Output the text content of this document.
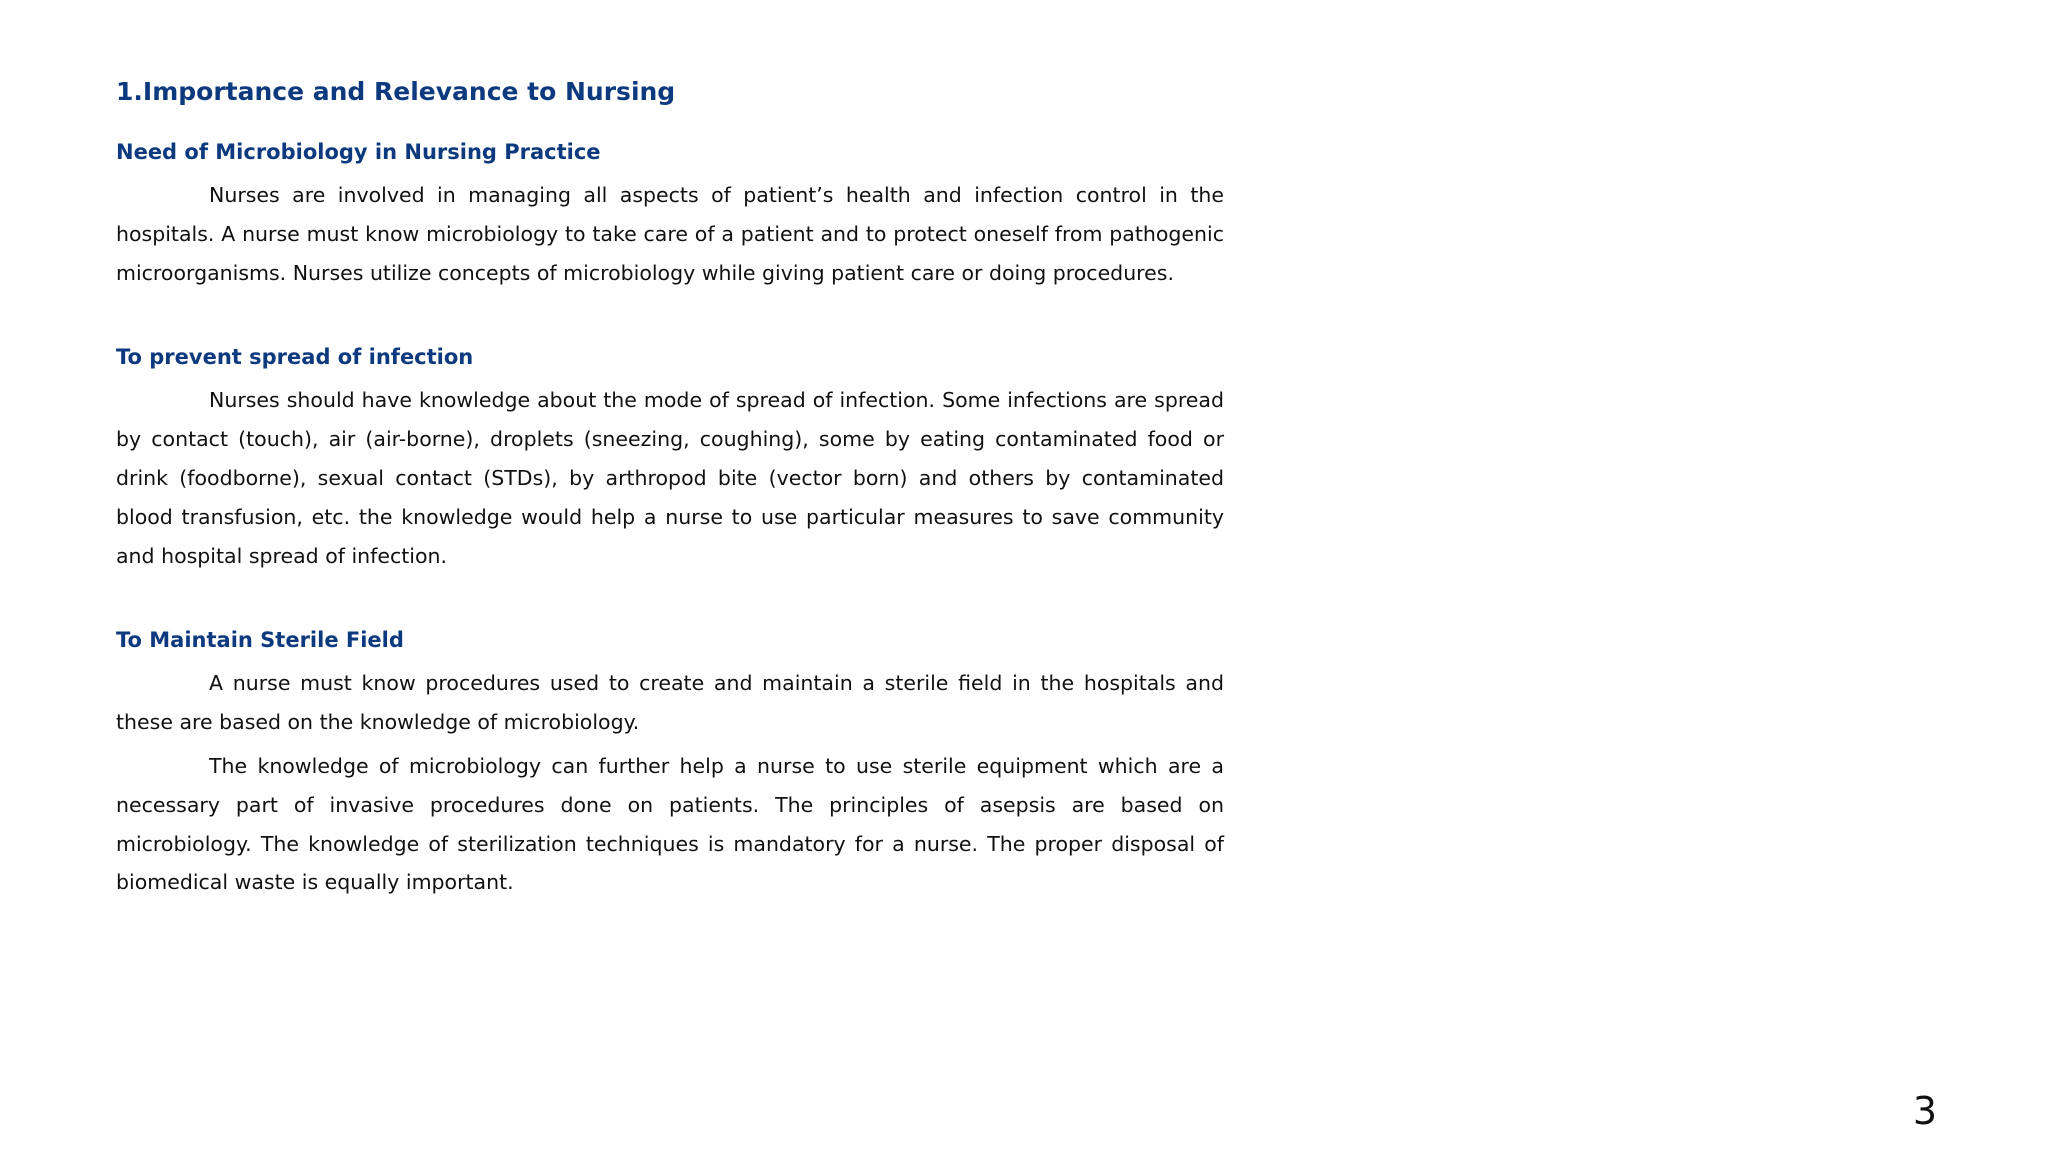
1.Importance and Relevance to Nursing
Need of Microbiology in Nursing Practice

Nurses are involved in managing all aspects of patient’s health and infection control in the hospitals. A nurse must know microbiology to take care of a patient and to protect oneself from pathogenic microorganisms. Nurses utilize concepts of microbiology while giving patient care or doing procedures.

To prevent spread of infection

Nurses should have knowledge about the mode of spread of infection. Some infections are spread by contact (touch), air (air-borne), droplets (sneezing, coughing), some by eating contaminated food or drink (foodborne), sexual contact (STDs), by arthropod bite (vector born) and others by contaminated blood transfusion, etc. the knowledge would help a nurse to use particular measures to save community and hospital spread of infection.

To Maintain Sterile Field

A nurse must know procedures used to create and maintain a sterile field in the hospitals and these are based on the knowledge of microbiology.

The knowledge of microbiology can further help a nurse to use sterile equipment which are a necessary part of invasive procedures done on patients. The principles of asepsis are based on microbiology. The knowledge of sterilization techniques is mandatory for a nurse. The proper disposal of biomedical waste is equally important.

3
